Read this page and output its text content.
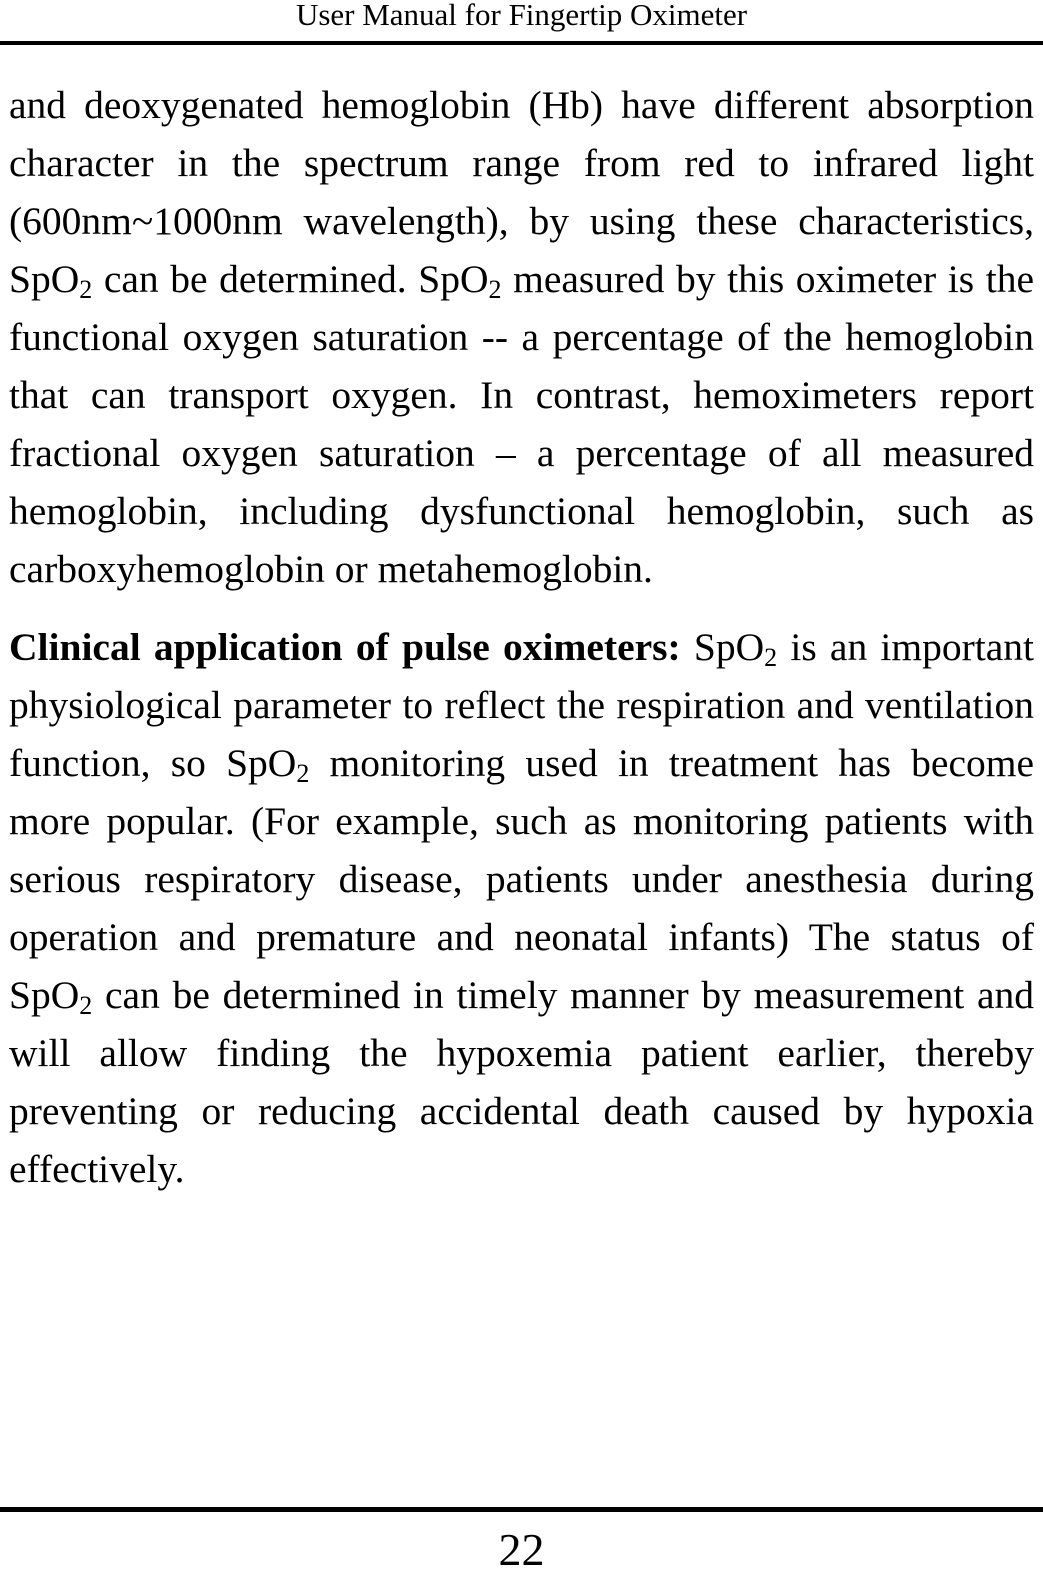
User Manual for Fingertip Oximeter

and deoxygenated hemoglobin (Hb) have different absorption character in the spectrum range from red to infrared light (600nm~1000nm wavelength), by using these characteristics, SpO$_2$ can be determined. SpO$_2$ measured by this oximeter is the functional oxygen saturation -- a percentage of the hemoglobin that can transport oxygen. In contrast, hemoximeters report fractional oxygen saturation – a percentage of all measured hemoglobin, including dysfunctional hemoglobin, such as carboxyhemoglobin or metahemoglobin.

Clinical application of pulse oximeters: SpO$_2$ is an important physiological parameter to reflect the respiration and ventilation function, so SpO$_2$ monitoring used in treatment has become more popular. (For example, such as monitoring patients with serious respiratory disease, patients under anesthesia during operation and premature and neonatal infants) The status of SpO$_2$ can be determined in timely manner by measurement and will allow finding the hypoxemia patient earlier, thereby preventing or reducing accidental death caused by hypoxia effectively.

22
